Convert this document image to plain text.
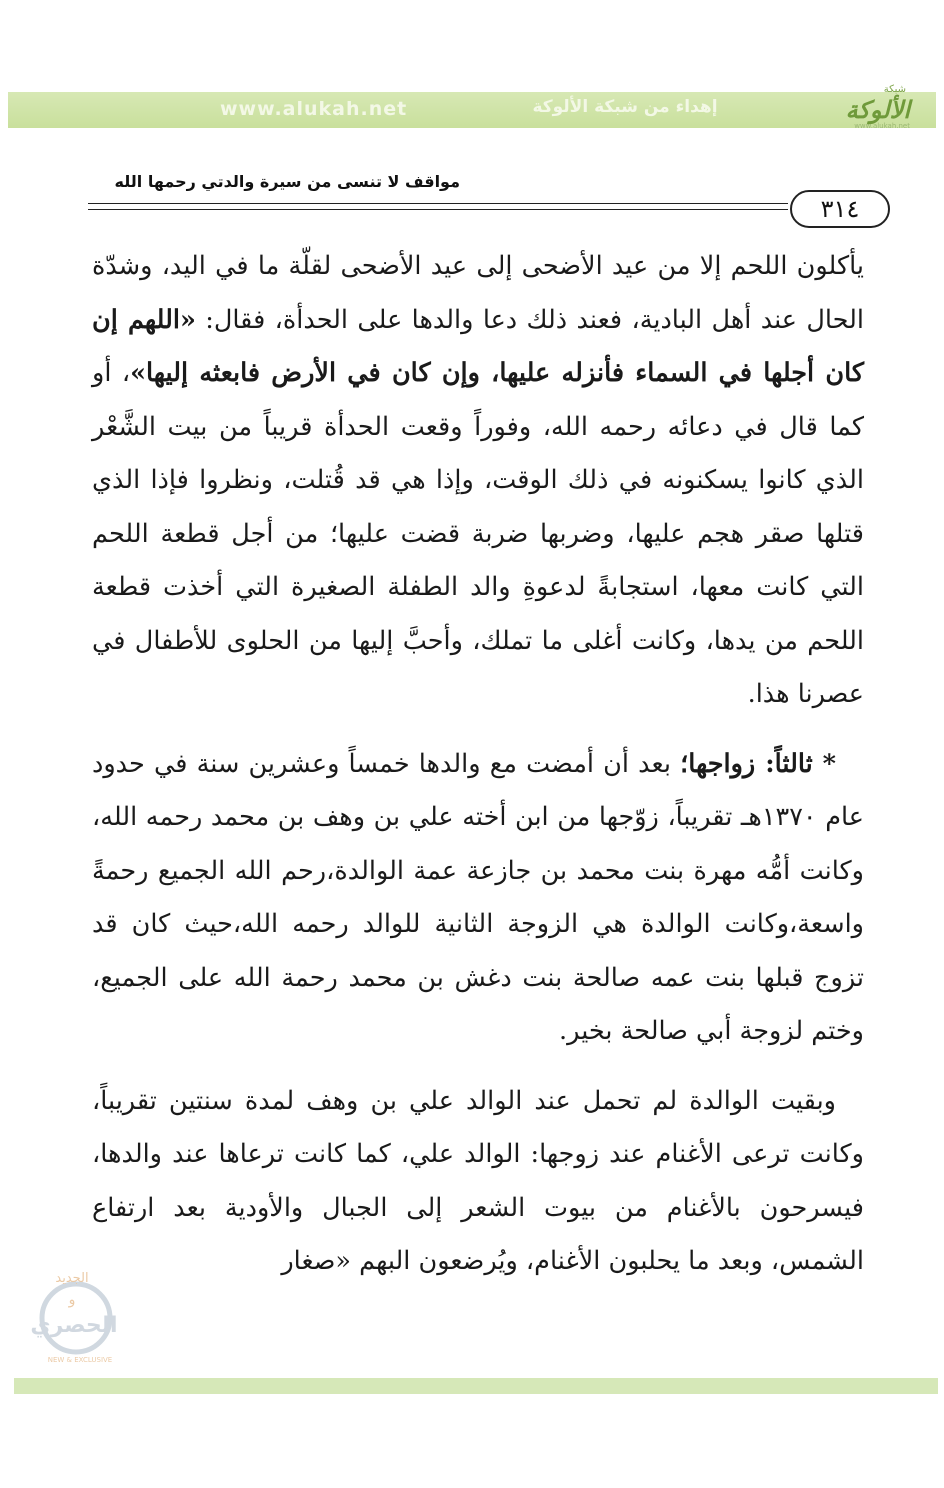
www.alukah.net	إهداء من شبكة الألوكة
شبكة
الألوكة
www.alukah.net
مواقف لا تنسى من سيرة والدتي رحمها الله
٣١٤

يأكلون اللحم إلا من عيد الأضحى إلى عيد الأضحى لقلّة ما في اليد، وشدّة الحال عند أهل البادية، فعند ذلك دعا والدها على الحدأة، فقال: «اللهم إن كان أجلها في السماء فأنزله عليها، وإن كان في الأرض فابعثه إليها»، أو كما قال في دعائه رحمه الله، وفوراً وقعت الحدأة قريباً من بيت الشَّعْر الذي كانوا يسكنونه في ذلك الوقت، وإذا هي قد قُتلت، ونظروا فإذا الذي قتلها صقر هجم عليها، وضربها ضربة قضت عليها؛ من أجل قطعة اللحم التي كانت معها، استجابةً لدعوةِ والد الطفلة الصغيرة التي أخذت قطعة اللحم من يدها، وكانت أغلى ما تملك، وأحبَّ إليها من الحلوى للأطفال في عصرنا هذا.

* ثالثاً: زواجها؛ بعد أن أمضت مع والدها خمساً وعشرين سنة في حدود عام ١٣٧٠هـ تقريباً، زوّجها من ابن أخته علي بن وهف بن محمد رحمه الله، وكانت أمُّه مهرة بنت محمد بن جازعة عمة الوالدة،رحم الله الجميع رحمةً واسعة،وكانت الوالدة هي الزوجة الثانية للوالد رحمه الله،حيث كان قد تزوج قبلها بنت عمه صالحة بنت دغش بن محمد رحمة الله على الجميع، وختم لزوجة أبي صالحة بخير.

وبقيت الوالدة لم تحمل عند الوالد علي بن وهف لمدة سنتين تقريباً، وكانت ترعى الأغنام عند زوجها: الوالد علي، كما كانت ترعاها عند والدها، فيسرحون بالأغنام من بيوت الشعر إلى الجبال والأودية بعد ارتفاع الشمس، وبعد ما يحلبون الأغنام، ويُرضعون البهم «صغار

الجديد
و
الحصري
NEW & EXCLUSIVE
